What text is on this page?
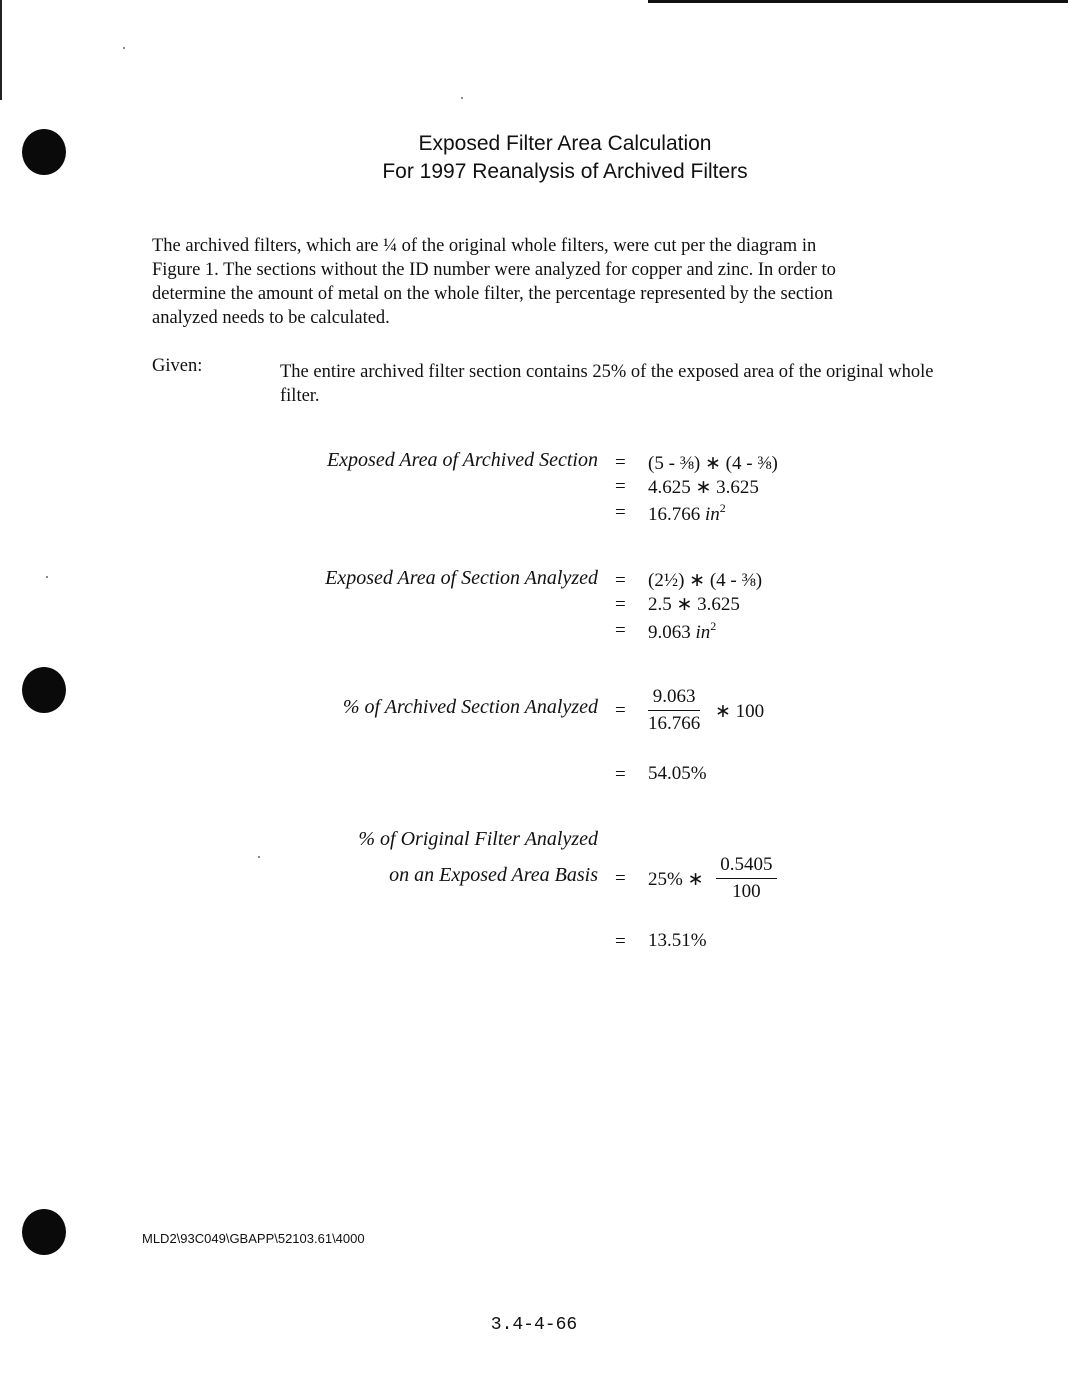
Exposed Filter Area Calculation
For 1997 Reanalysis of Archived Filters
The archived filters, which are ¼ of the original whole filters, were cut per the diagram in
Figure 1. The sections without the ID number were analyzed for copper and zinc. In order to
determine the amount of metal on the whole filter, the percentage represented by the section
analyzed needs to be calculated.
Given:	The entire archived filter section contains 25% of the exposed area of the original whole filter.
Exposed Area of Archived Section = (5 - ⅜) ∗ (4 - ⅜)
= 4.625 ∗ 3.625
= 16.766 $in^2$
Exposed Area of Section Analyzed = (2½) ∗ (4 - ⅜)
= 2.5 ∗ 3.625
= 9.063 $in^2$
% of Archived Section Analyzed = $\frac{9.063}{16.766}$ ∗ 100
= 54.05%
% of Original Filter Analyzed
on an Exposed Area Basis = 25% ∗ $\frac{0.5405}{100}$
= 13.51%
MLD2\93C049\GBAPP\52103.61\4000
3.4-4-66
